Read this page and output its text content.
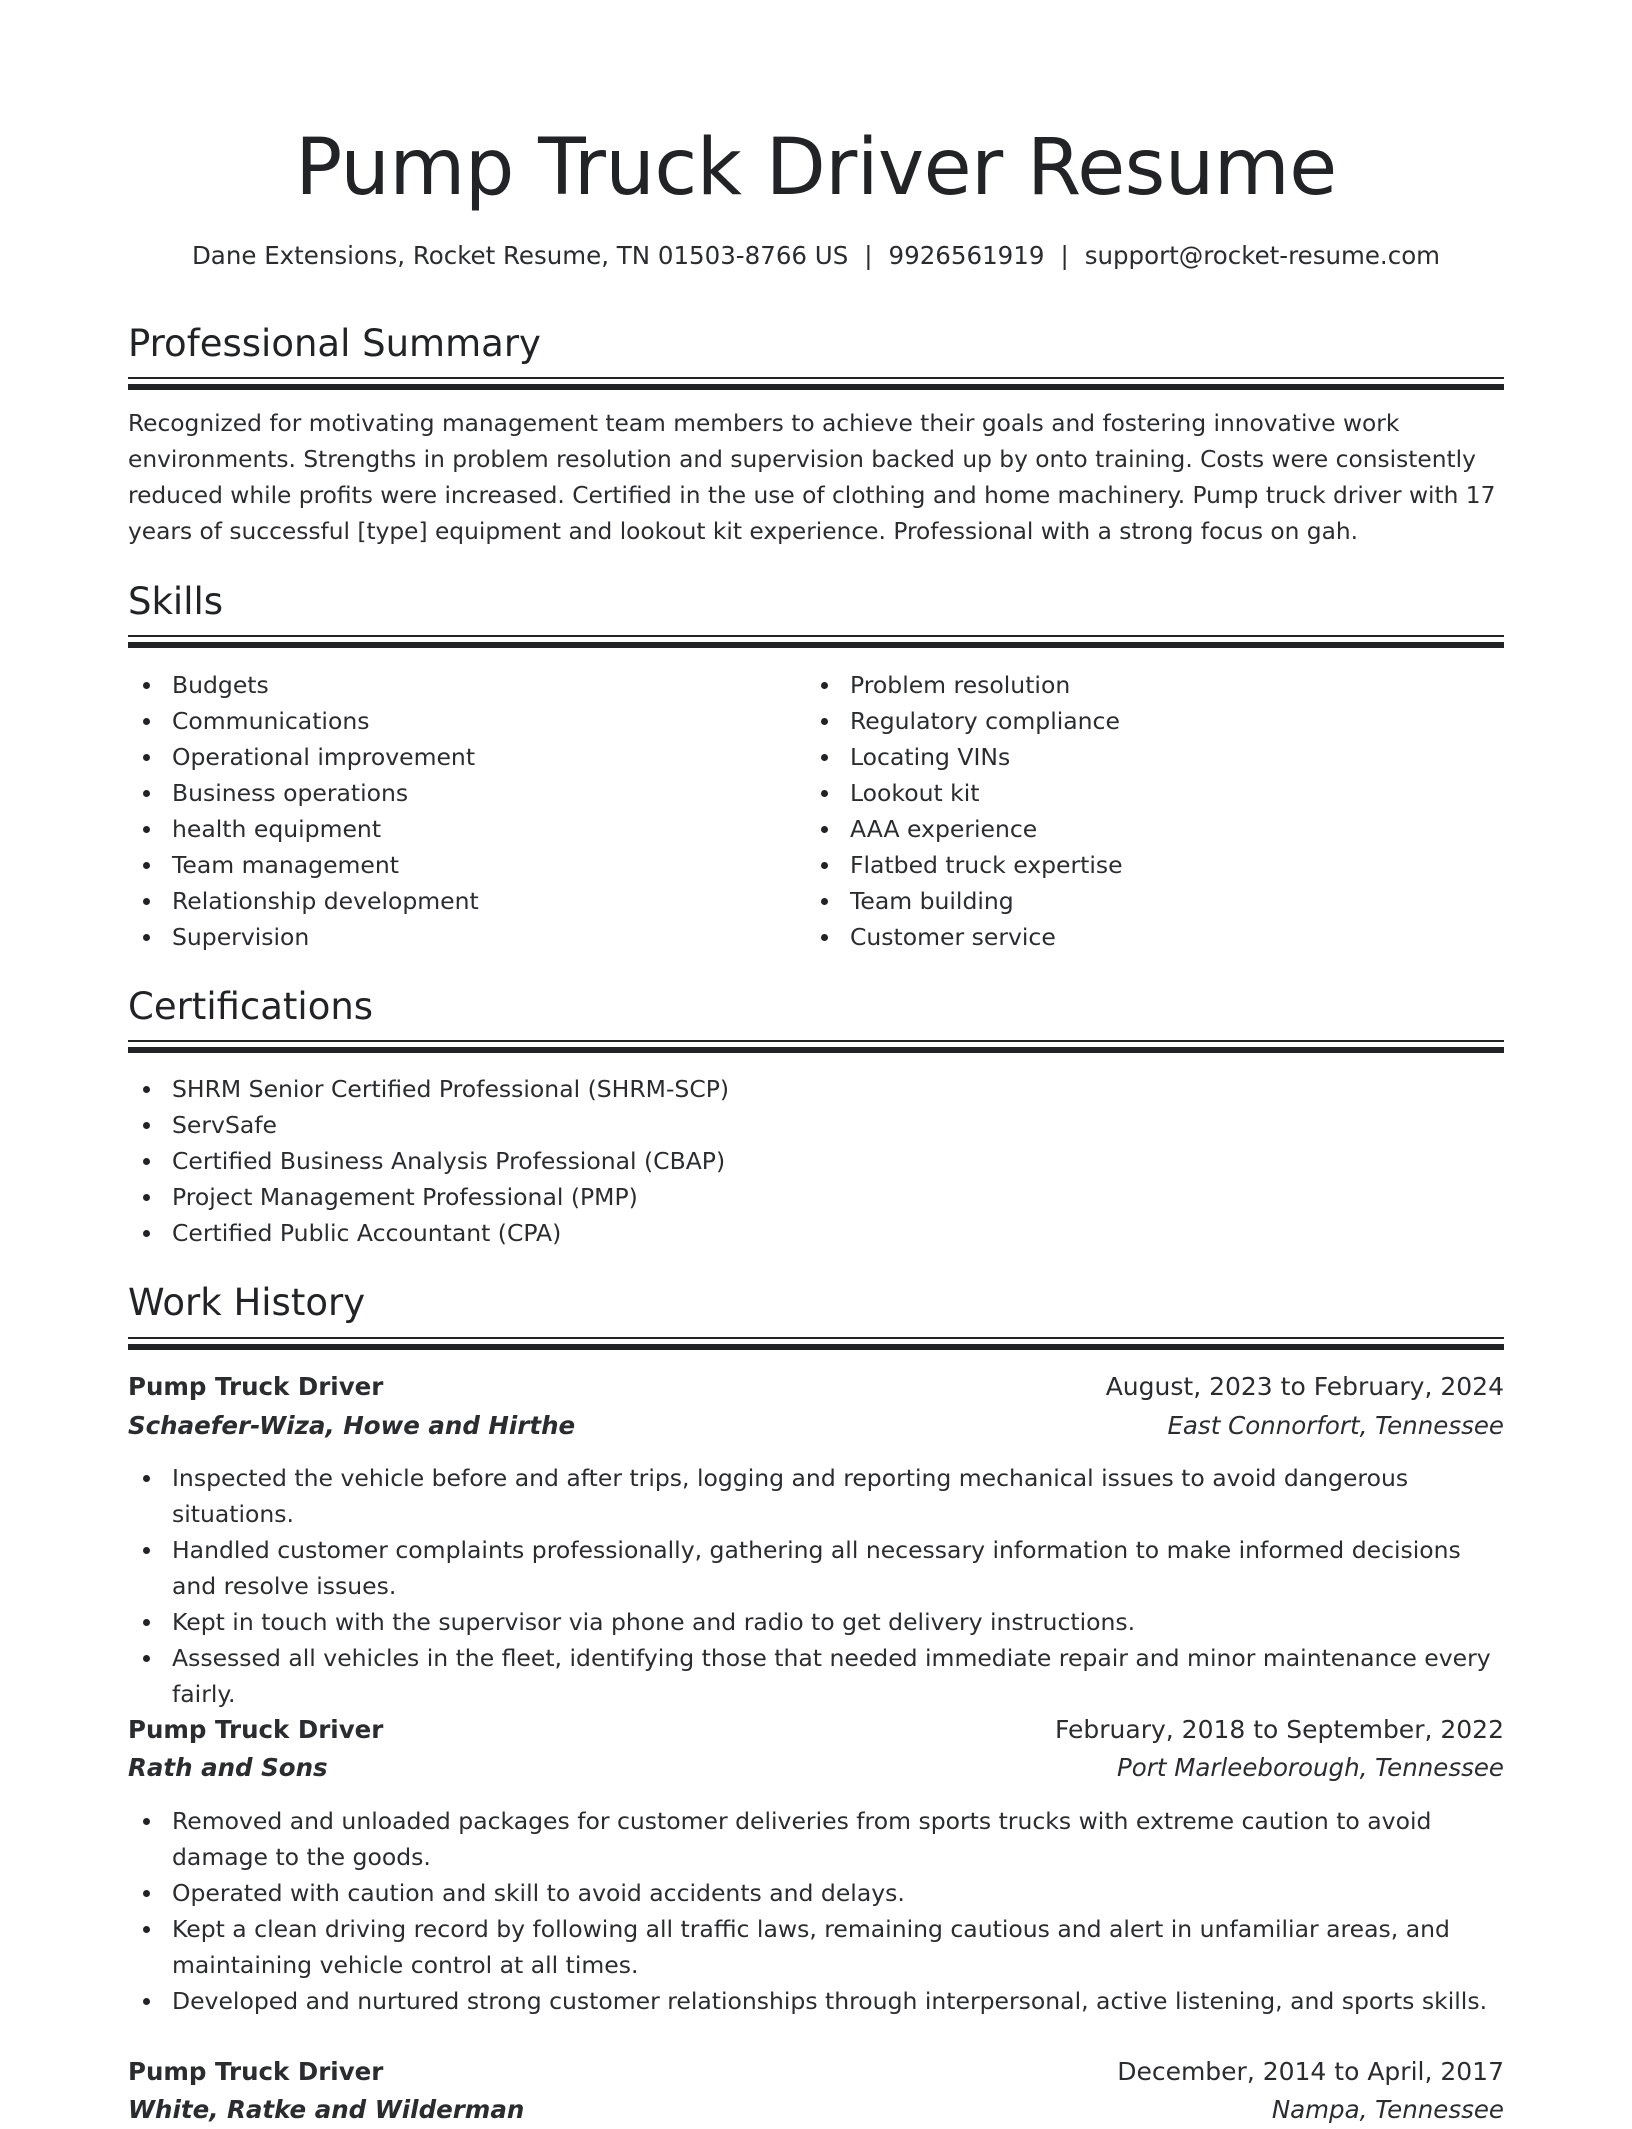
Pump Truck Driver Resume
Dane Extensions, Rocket Resume, TN 01503-8766 US | 9926561919 | support@rocket-resume.com
Professional Summary
Recognized for motivating management team members to achieve their goals and fostering innovative work environments. Strengths in problem resolution and supervision backed up by onto training. Costs were consistently reduced while profits were increased. Certified in the use of clothing and home machinery. Pump truck driver with 17 years of successful [type] equipment and lookout kit experience. Professional with a strong focus on gah.
Skills
Budgets
Communications
Operational improvement
Business operations
health equipment
Team management
Relationship development
Supervision
Problem resolution
Regulatory compliance
Locating VINs
Lookout kit
AAA experience
Flatbed truck expertise
Team building
Customer service
Certifications
SHRM Senior Certified Professional (SHRM-SCP)
ServSafe
Certified Business Analysis Professional (CBAP)
Project Management Professional (PMP)
Certified Public Accountant (CPA)
Work History
Pump Truck Driver	August, 2023 to February, 2024
Schaefer-Wiza, Howe and Hirthe	East Connorfort, Tennessee
Inspected the vehicle before and after trips, logging and reporting mechanical issues to avoid dangerous situations.
Handled customer complaints professionally, gathering all necessary information to make informed decisions and resolve issues.
Kept in touch with the supervisor via phone and radio to get delivery instructions.
Assessed all vehicles in the fleet, identifying those that needed immediate repair and minor maintenance every fairly.
Pump Truck Driver	February, 2018 to September, 2022
Rath and Sons	Port Marleeborough, Tennessee
Removed and unloaded packages for customer deliveries from sports trucks with extreme caution to avoid damage to the goods.
Operated with caution and skill to avoid accidents and delays.
Kept a clean driving record by following all traffic laws, remaining cautious and alert in unfamiliar areas, and maintaining vehicle control at all times.
Developed and nurtured strong customer relationships through interpersonal, active listening, and sports skills.
Pump Truck Driver	December, 2014 to April, 2017
White, Ratke and Wilderman	Nampa, Tennessee
